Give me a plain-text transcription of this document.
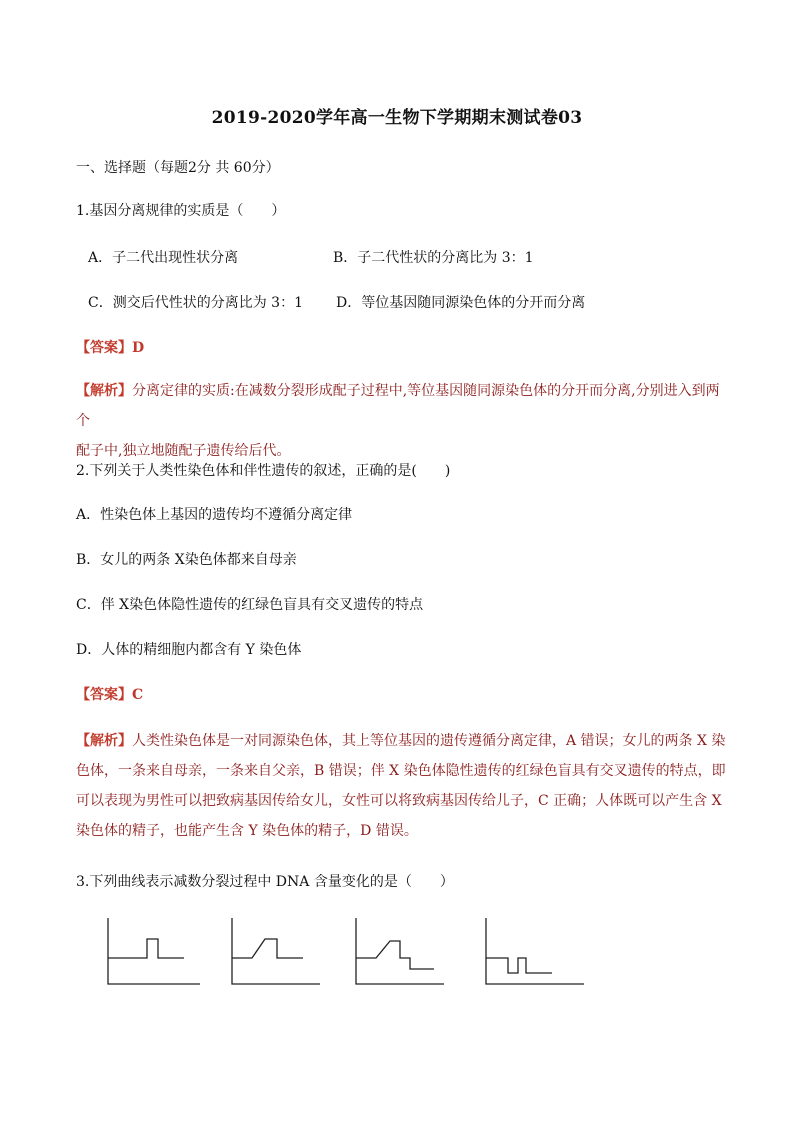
2019-2020学年高一生物下学期期末测试卷03
一、选择题（每题2分 共 60分）
1.基因分离规律的实质是（　　）
A．子二代出现性状分离	B．子二代性状的分离比为 3：1
C．测交后代性状的分离比为 3：1 D．等位基因随同源染色体的分开而分离
【答案】D
【解析】分离定律的实质:在减数分裂形成配子过程中,等位基因随同源染色体的分开而分离,分别进入到两个
配子中,独立地随配子遗传给后代。
2.下列关于人类性染色体和伴性遗传的叙述，正确的是(　　)
A．性染色体上基因的遗传均不遵循分离定律
B．女儿的两条 X染色体都来自母亲
C．伴 X染色体隐性遗传的红绿色盲具有交叉遗传的特点
D．人体的精细胞内都含有 Y 染色体
【答案】C
【解析】人类性染色体是一对同源染色体，其上等位基因的遗传遵循分离定律，A 错误；女儿的两条 X 染
色体，一条来自母亲，一条来自父亲，B 错误；伴 X 染色体隐性遗传的红绿色盲具有交叉遗传的特点，即
可以表现为男性可以把致病基因传给女儿，女性可以将致病基因传给儿子，C 正确；人体既可以产生含 X
染色体的精子，也能产生含 Y 染色体的精子，D 错误。
3.下列曲线表示减数分裂过程中 DNA 含量变化的是（　　）
